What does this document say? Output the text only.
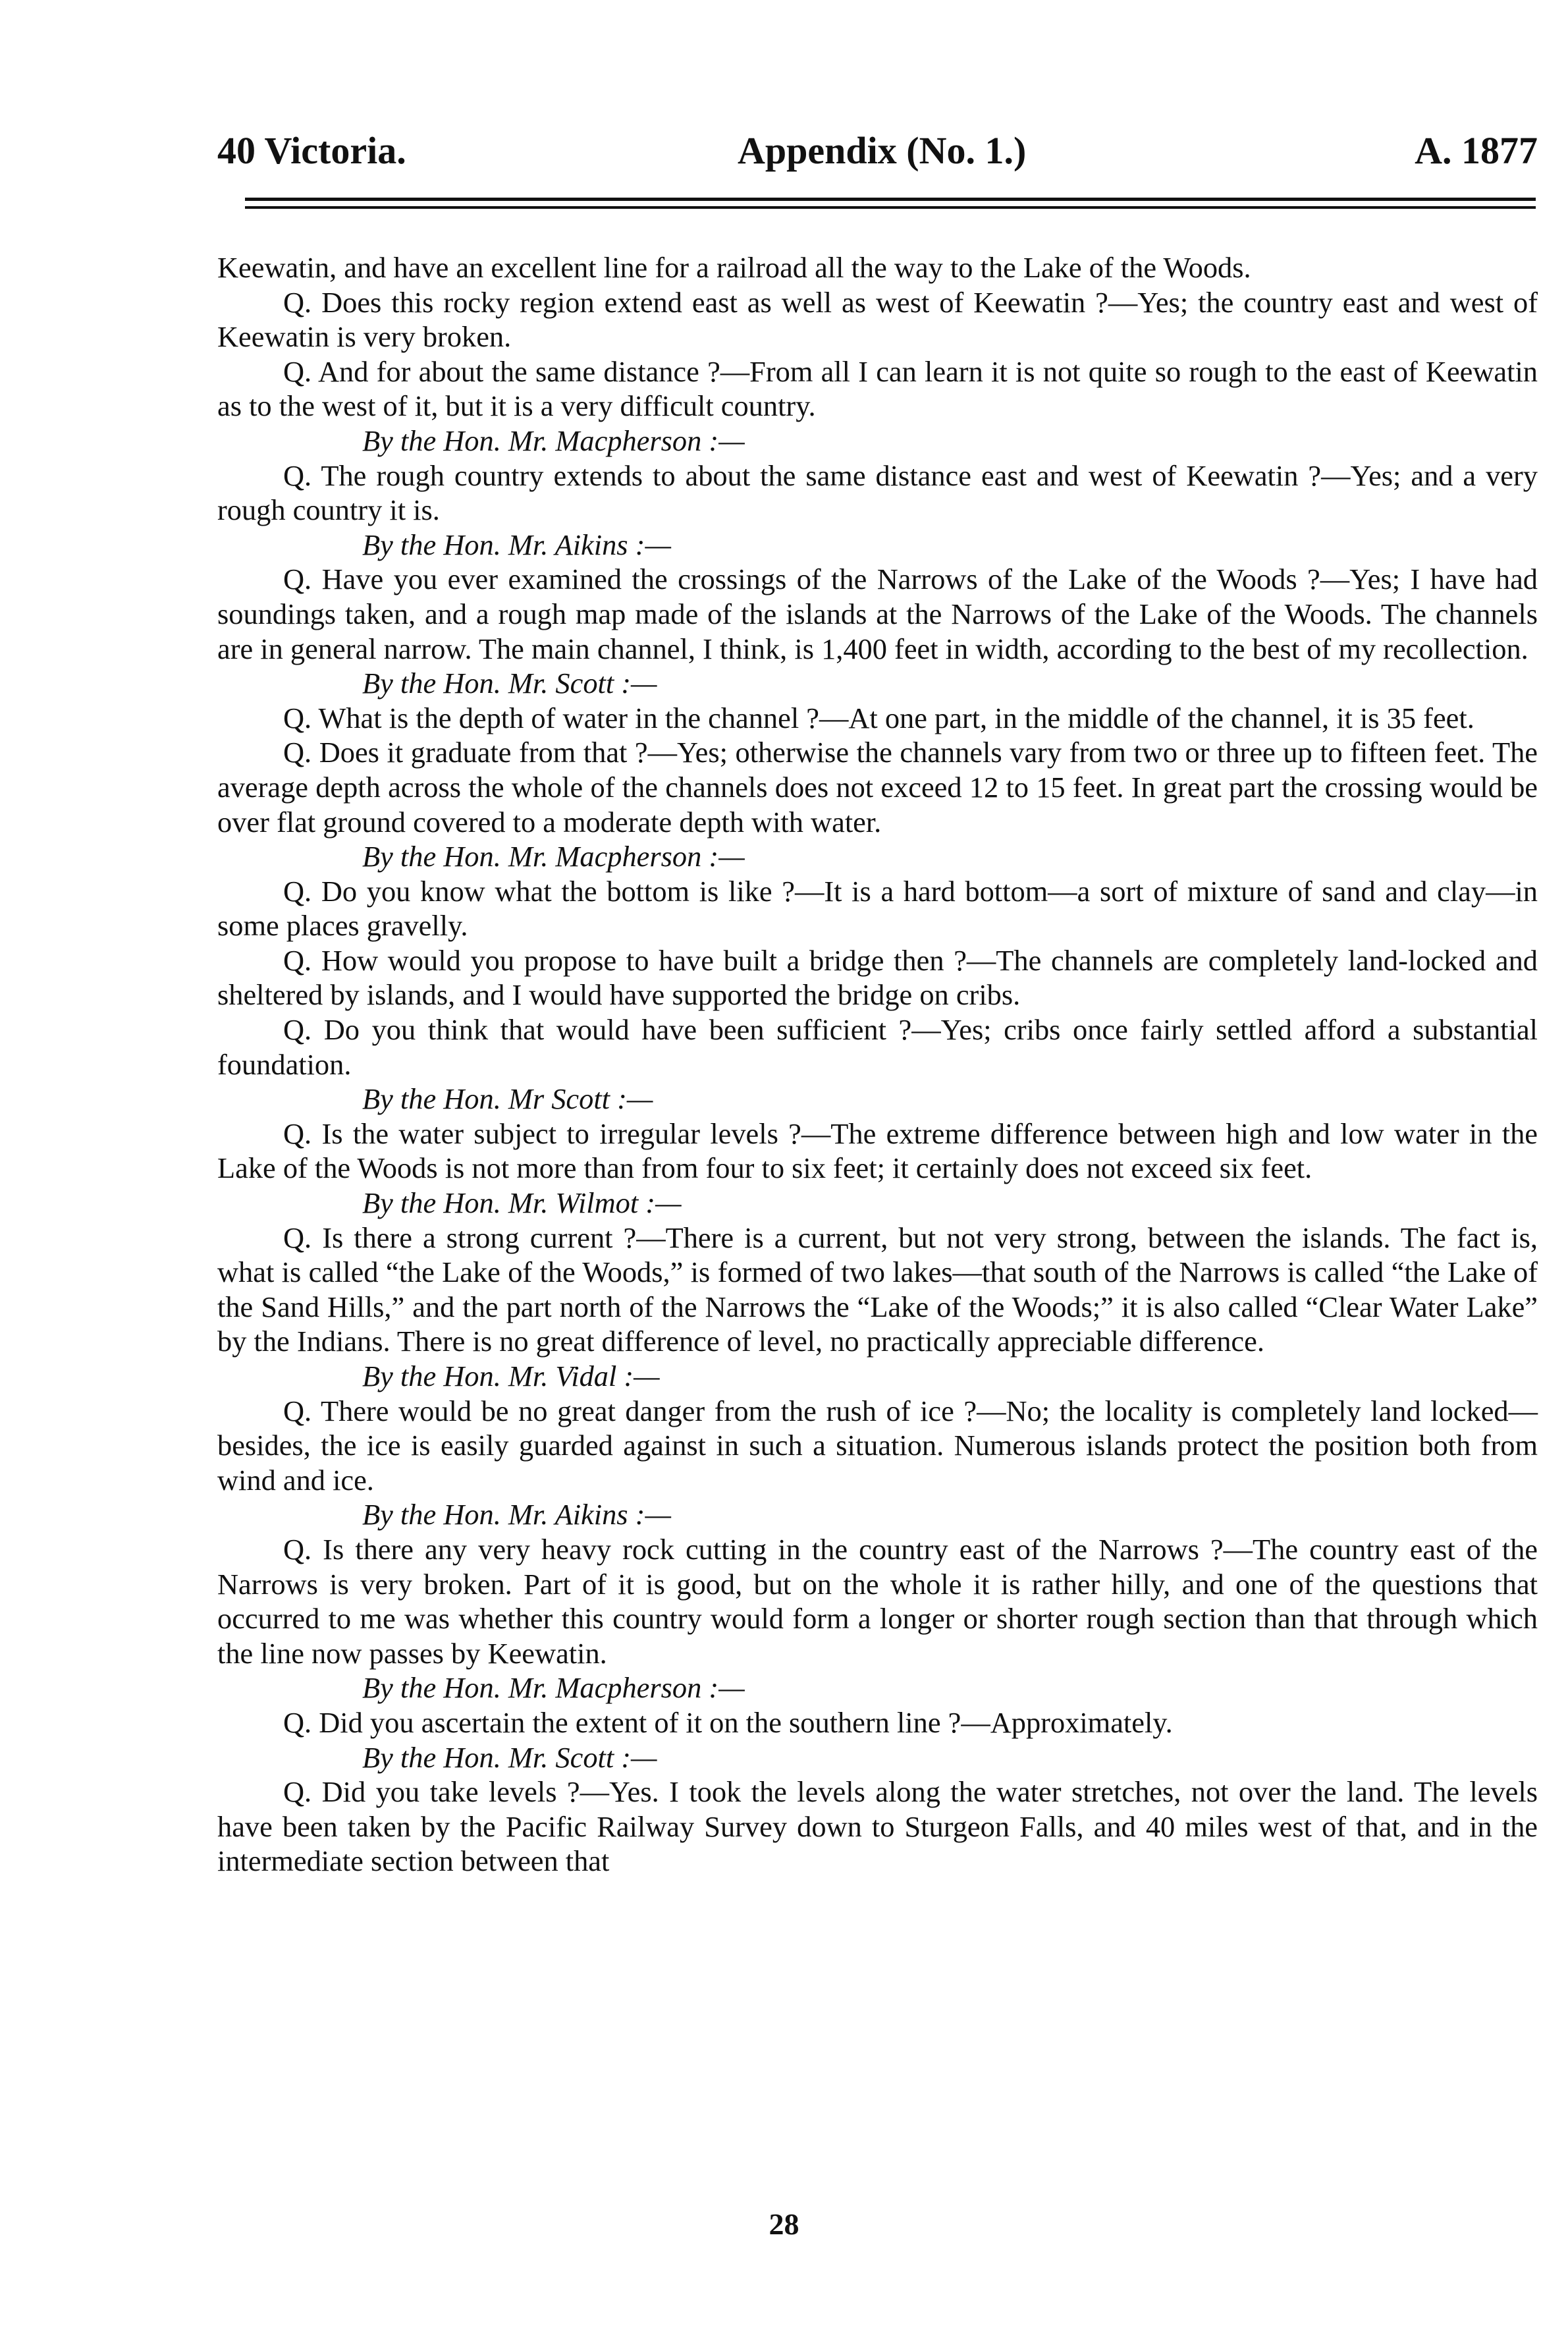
40 Victoria.	Appendix (No. 1.)	A. 1877

Keewatin, and have an excellent line for a railroad all the way to the Lake of the Woods.

Q. Does this rocky region extend east as well as west of Keewatin ?—Yes; the country east and west of Keewatin is very broken.

Q. And for about the same distance ?—From all I can learn it is not quite so rough to the east of Keewatin as to the west of it, but it is a very difficult country.

By the Hon. Mr. Macpherson :—

Q. The rough country extends to about the same distance east and west of Keewatin ?—Yes; and a very rough country it is.

By the Hon. Mr. Aikins :—

Q. Have you ever examined the crossings of the Narrows of the Lake of the Woods ?—Yes; I have had soundings taken, and a rough map made of the islands at the Narrows of the Lake of the Woods. The channels are in general narrow. The main channel, I think, is 1,400 feet in width, according to the best of my recollection.

By the Hon. Mr. Scott :—

Q. What is the depth of water in the channel ?—At one part, in the middle of the channel, it is 35 feet.

Q. Does it graduate from that ?—Yes; otherwise the channels vary from two or three up to fifteen feet. The average depth across the whole of the channels does not exceed 12 to 15 feet. In great part the crossing would be over flat ground covered to a moderate depth with water.

By the Hon. Mr. Macpherson :—

Q. Do you know what the bottom is like ?—It is a hard bottom—a sort of mixture of sand and clay—in some places gravelly.

Q. How would you propose to have built a bridge then ?—The channels are completely land-locked and sheltered by islands, and I would have supported the bridge on cribs.

Q. Do you think that would have been sufficient ?—Yes; cribs once fairly settled afford a substantial foundation.

By the Hon. Mr Scott :—

Q. Is the water subject to irregular levels ?—The extreme difference between high and low water in the Lake of the Woods is not more than from four to six feet; it certainly does not exceed six feet.

By the Hon. Mr. Wilmot :—

Q. Is there a strong current ?—There is a current, but not very strong, between the islands. The fact is, what is called “the Lake of the Woods,” is formed of two lakes—that south of the Narrows is called “the Lake of the Sand Hills,” and the part north of the Narrows the “Lake of the Woods;” it is also called “Clear Water Lake” by the Indians. There is no great difference of level, no practically appreciable difference.

By the Hon. Mr. Vidal :—

Q. There would be no great danger from the rush of ice ?—No; the locality is completely land locked—besides, the ice is easily guarded against in such a situation. Numerous islands protect the position both from wind and ice.

By the Hon. Mr. Aikins :—

Q. Is there any very heavy rock cutting in the country east of the Narrows ?—The country east of the Narrows is very broken. Part of it is good, but on the whole it is rather hilly, and one of the questions that occurred to me was whether this country would form a longer or shorter rough section than that through which the line now passes by Keewatin.

By the Hon. Mr. Macpherson :—

Q. Did you ascertain the extent of it on the southern line ?—Approximately.

By the Hon. Mr. Scott :—

Q. Did you take levels ?—Yes. I took the levels along the water stretches, not over the land. The levels have been taken by the Pacific Railway Survey down to Sturgeon Falls, and 40 miles west of that, and in the intermediate section between that

28
